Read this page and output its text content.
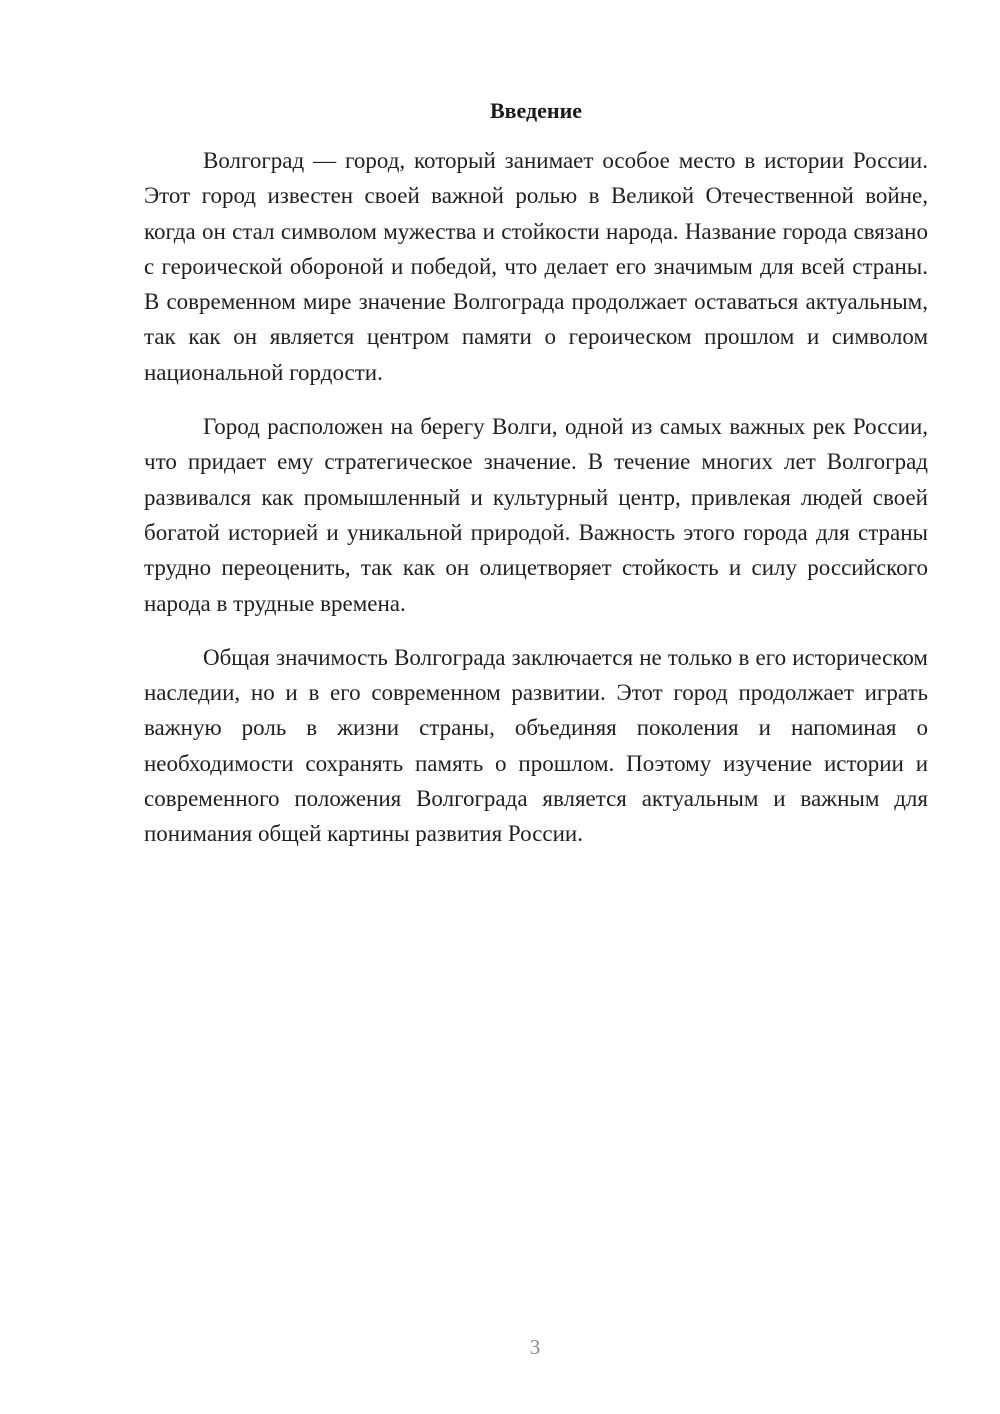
Введение

Волгоград — город, который занимает особое место в истории России. Этот город известен своей важной ролью в Великой Отечественной войне, когда он стал символом мужества и стойкости народа. Название города связано с героической обороной и победой, что делает его значимым для всей страны. В современном мире значение Волгограда продолжает оставаться актуальным, так как он является центром памяти о героическом прошлом и символом национальной гордости.

Город расположен на берегу Волги, одной из самых важных рек России, что придает ему стратегическое значение. В течение многих лет Волгоград развивался как промышленный и культурный центр, привлекая людей своей богатой историей и уникальной природой. Важность этого города для страны трудно переоценить, так как он олицетворяет стойкость и силу российского народа в трудные времена.

Общая значимость Волгограда заключается не только в его историческом наследии, но и в его современном развитии. Этот город продолжает играть важную роль в жизни страны, объединяя поколения и напоминая о необходимости сохранять память о прошлом. Поэтому изучение истории и современного положения Волгограда является актуальным и важным для понимания общей картины развития России.

3
